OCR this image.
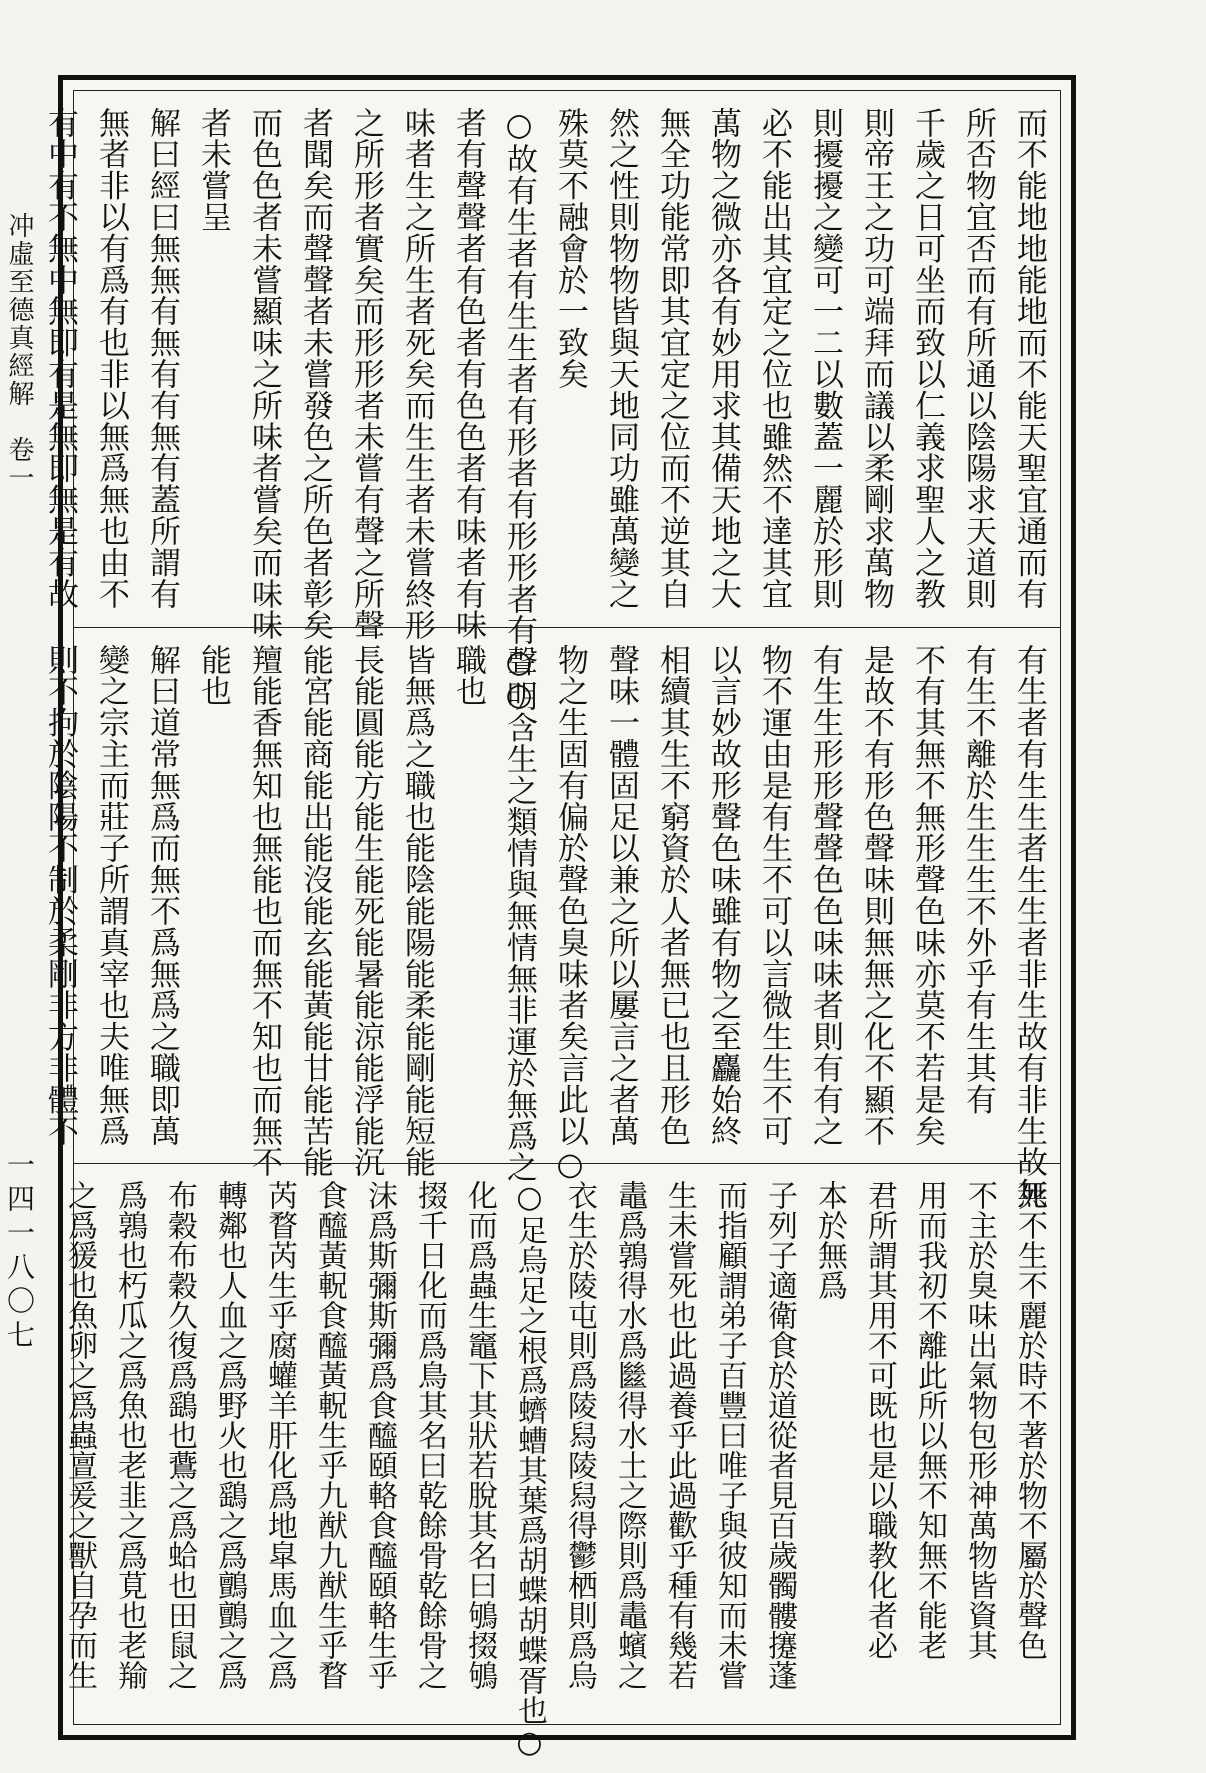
冲虛至德真經解　卷一
一四一八〇七
而不能地地能地而不能天聖宜通而有
所否物宜否而有所通以陰陽求天道則
千歲之日可坐而致以仁義求聖人之教
則帝王之功可端拜而議以柔剛求萬物
則擾擾之變可一二以數蓋一麗於形則
必不能出其宜定之位也雖然不達其宜
萬物之微亦各有妙用求其備天地之大
無全功能常即其宜定之位而不逆其自
然之性則物物皆與天地同功雖萬變之
殊莫不融會於一致矣
○故有生者有生生者有形者有形形者有聲○
者有聲聲者有色者有色色者有味者有味
味者生之所生者死矣而生生者未嘗終形
之所形者實矣而形形者未嘗有聲之所聲
者聞矣而聲聲者未嘗發色之所色者彰矣
而色色者未嘗顯味之所味者嘗矣而味味
者未嘗呈
解曰經曰無無有無有有無有蓋所謂有
無者非以有爲有也非以無爲無也由不
有中有不無中無即有是無即無是有故
有生者有生生者生生者非生故有非生故無
有生不離於生生生不外乎有生其有
不有其無不無形聲色味亦莫不若是矣
是故不有形色聲味則無無之化不顯不
有生生形形聲聲色色味味者則有有之
物不運由是有生不可以言微生生不可
以言妙故形聲色味雖有物之至麤始終
相續其生不窮資於人者無已也且形色
聲味一體固足以兼之所以屢言之者萬
物之生固有偏於聲色臭味者矣言此以○
○明含生之類情與無情無非運於無爲之
職也
皆無爲之職也能陰能陽能柔能剛能短能
長能圓能方能生能死能暑能涼能浮能沉
能宮能商能出能沒能玄能黃能甘能苦能
羶能香無知也無能也而無不知也而無不
能也
解曰道常無爲而無不爲無爲之職即萬
變之宗主而莊子所謂真宰也夫唯無爲
則不拘於陰陽不制於柔剛非方非體不
死不生不麗於時不著於物不屬於聲色
不主於臭味出氣物包形神萬物皆資其
用而我初不離此所以無不知無不能老
君所謂其用不可既也是以職教化者必
本於無爲
子列子適衛食於道從者見百歲髑髏攓蓬
而指顧謂弟子百豐曰唯子與彼知而未嘗
生未嘗死也此過養乎此過歡乎種有幾若
鼃爲鶉得水爲㡭得水土之際則爲鼃蠙之
衣生於陵屯則爲陵舄陵舄得鬱栖則爲烏
○足烏足之根爲蠐螬其葉爲胡蝶胡蝶胥也○
化而爲蟲生竈下其狀若脫其名曰鴝掇鴝
掇千日化而爲鳥其名曰乾餘骨乾餘骨之
沫爲斯彌斯彌爲食醯頤輅食醯頤輅生乎
食醯黃軦食醯黃軦生乎九猷九猷生乎瞀
芮瞀芮生乎腐蠸羊肝化爲地皐馬血之爲
轉鄰也人血之爲野火也鷂之爲鸇鸇之爲
布穀布穀久復爲鷂也鷰之爲蛤也田鼠之
爲鶉也朽瓜之爲魚也老韭之爲莧也老羭
之爲猨也魚卵之爲蟲亶爰之獸自孕而生
